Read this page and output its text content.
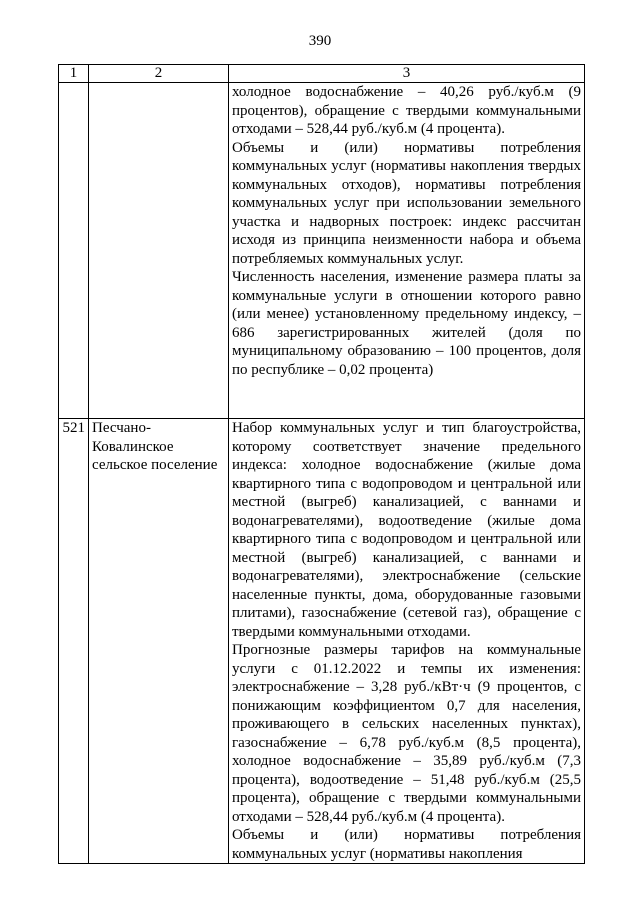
390
1	2	3

		холодное водоснабжение – 40,26 руб./куб.м (9 процентов), обращение с твердыми коммунальными отходами – 528,44 руб./куб.м (4 процента).

Объемы и (или) нормативы потребления коммунальных услуг (нормативы накопления твердых коммунальных отходов), нормативы потребления коммунальных услуг при использовании земельного участка и надворных построек: индекс рассчитан исходя из принципа неизменности набора и объема потребляемых коммунальных услуг.

Численность населения, изменение размера платы за коммунальные услуги в отношении которого равно (или менее) установленному предельному индексу, – 686 зарегистрированных жителей (доля по муниципальному образованию – 100 процентов, доля по республике – 0,02 процента)

521	Песчано-Ковалинское сельское поселение	Набор коммунальных услуг и тип благоустройства, которому соответствует значение предельного индекса: холодное водоснабжение (жилые дома квартирного типа с водопроводом и центральной или местной (выгреб) канализацией, с ваннами и водонагревателями), водоотведение (жилые дома квартирного типа с водопроводом и центральной или местной (выгреб) канализацией, с ваннами и водонагревателями), электроснабжение (сельские населенные пункты, дома, оборудованные газовыми плитами), газоснабжение (сетевой газ), обращение с твердыми коммунальными отходами.

Прогнозные размеры тарифов на коммунальные услуги с 01.12.2022 и темпы их изменения: электроснабжение – 3,28 руб./кВт·ч (9 процентов, с понижающим коэффициентом 0,7 для населения, проживающего в сельских населенных пунктах), газоснабжение – 6,78 руб./куб.м (8,5 процента), холодное водоснабжение – 35,89 руб./куб.м (7,3 процента), водоотведение – 51,48 руб./куб.м (25,5 процента), обращение с твердыми коммунальными отходами – 528,44 руб./куб.м (4 процента).

Объемы и (или) нормативы потребления коммунальных услуг (нормативы накопления
